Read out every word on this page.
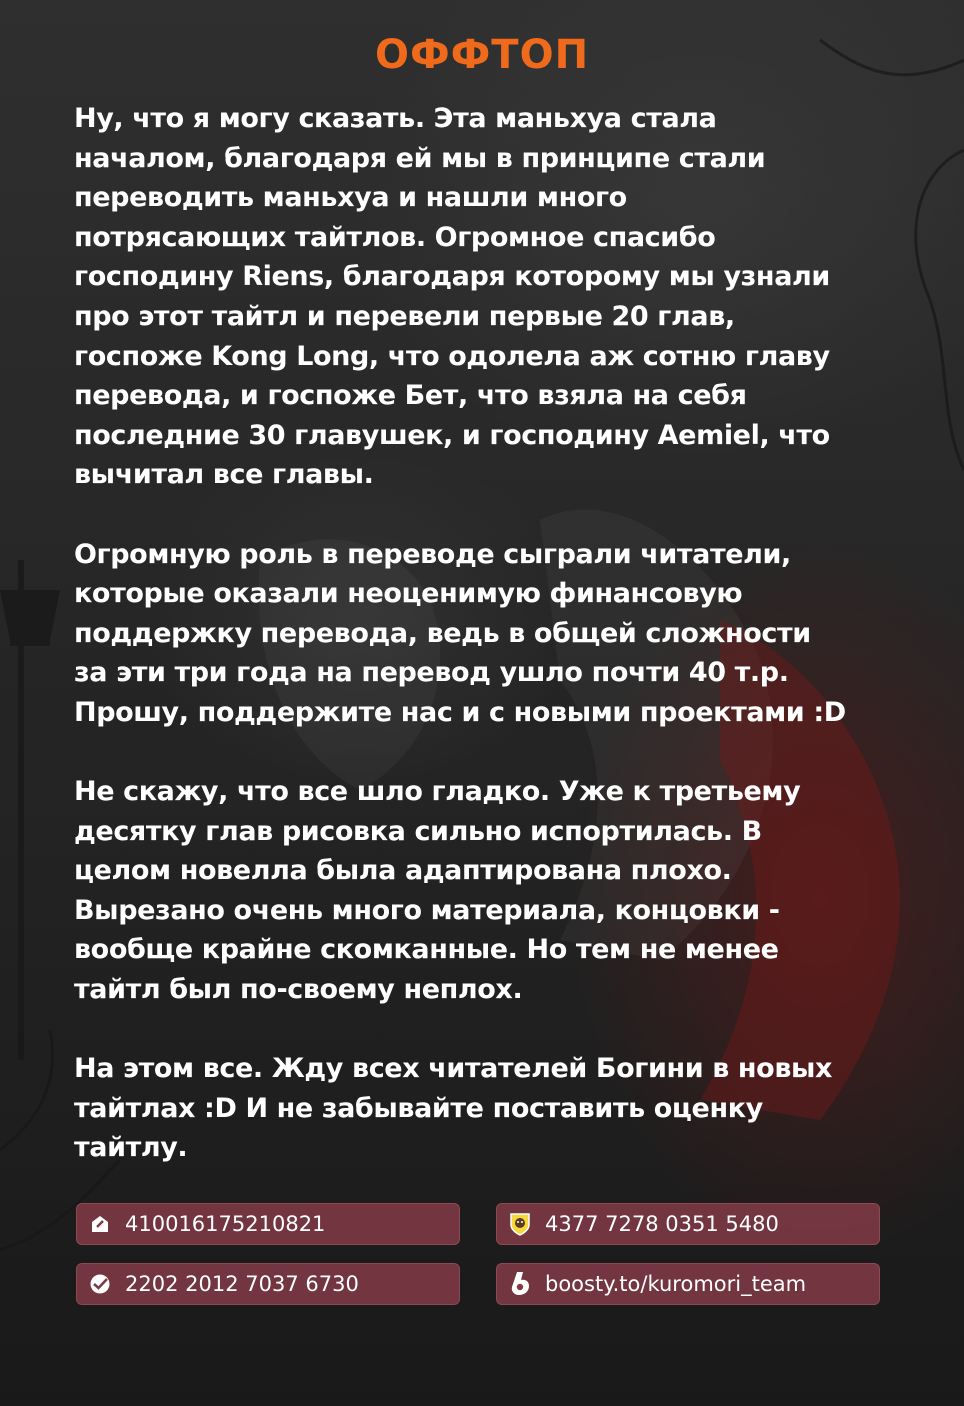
ОФФТОП

Ну, что я могу сказать. Эта маньхуа стала
началом, благодаря ей мы в принципе стали
переводить маньхуа и нашли много
потрясающих тайтлов. Огромное спасибо
господину Riens, благодаря которому мы узнали
про этот тайтл и перевели первые 20 глав,
госпоже Kong Long, что одолела аж сотню главу
перевода, и госпоже Бет, что взяла на себя
последние 30 главушек, и господину Aemiel, что
вычитал все главы.

Огромную роль в переводе сыграли читатели,
которые оказали неоценимую финансовую
поддержку перевода, ведь в общей сложности
за эти три года на перевод ушло почти 40 т.р.
Прошу, поддержите нас и с новыми проектами :D

Не скажу, что все шло гладко. Уже к третьему
десятку глав рисовка сильно испортилась. В
целом новелла была адаптирована плохо.
Вырезано очень много материала, концовки -
вообще крайне скомканные. Но тем не менее
тайтл был по-своему неплох.

На этом все. Жду всех читателей Богини в новых
тайтлах :D И не забывайте поставить оценку
тайтлу.

410016175210821	4377 7278 0351 5480
2202 2012 7037 6730	boosty.to/kuromori_team
